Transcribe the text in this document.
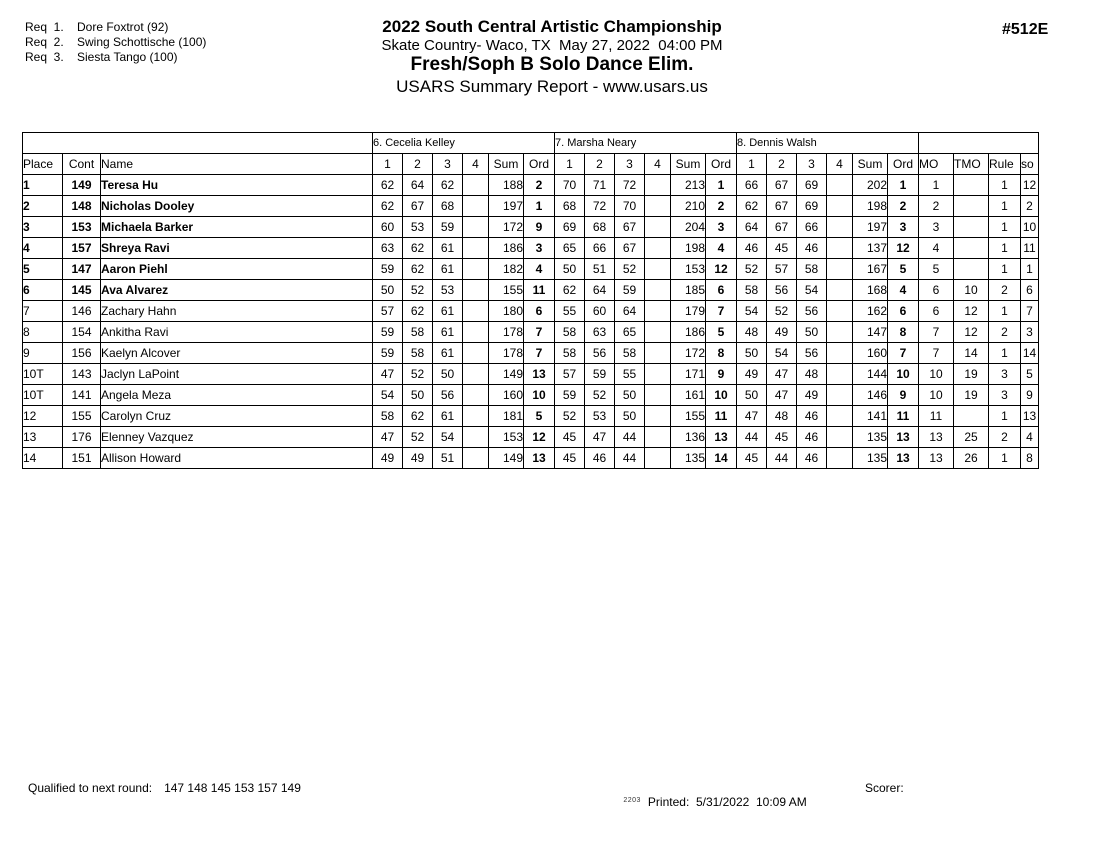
Req  1.	Dore Foxtrot (92)
Req  2.	Swing Schottische (100)
Req  3.	Siesta Tango (100)
2022 South Central Artistic Championship
Skate Country- Waco, TX  May 27, 2022  04:00 PM
Fresh/Soph B Solo Dance Elim.
USARS Summary Report - www.usars.us
#512E
			6. Cecelia Kelley						7. Marsha Neary						8. Dennis Walsh									
Place	Cont	Name	1	2	3	4	Sum	Ord	1	2	3	4	Sum	Ord	1	2	3	4	Sum	Ord	MO	TMO	Rule	so
1	149	Teresa Hu	62	64	62		188	2	70	71	72		213	1	66	67	69		202	1	1		1	12
2	148	Nicholas Dooley	62	67	68		197	1	68	72	70		210	2	62	67	69		198	2	2		1	2
3	153	Michaela Barker	60	53	59		172	9	69	68	67		204	3	64	67	66		197	3	3		1	10
4	157	Shreya Ravi	63	62	61		186	3	65	66	67		198	4	46	45	46		137	12	4		1	11
5	147	Aaron Piehl	59	62	61		182	4	50	51	52		153	12	52	57	58		167	5	5		1	1
6	145	Ava Alvarez	50	52	53		155	11	62	64	59		185	6	58	56	54		168	4	6	10	2	6
7	146	Zachary Hahn	57	62	61		180	6	55	60	64		179	7	54	52	56		162	6	6	12	1	7
8	154	Ankitha Ravi	59	58	61		178	7	58	63	65		186	5	48	49	50		147	8	7	12	2	3
9	156	Kaelyn Alcover	59	58	61		178	7	58	56	58		172	8	50	54	56		160	7	7	14	1	14
10T	143	Jaclyn LaPoint	47	52	50		149	13	57	59	55		171	9	49	47	48		144	10	10	19	3	5
10T	141	Angela Meza	54	50	56		160	10	59	52	50		161	10	50	47	49		146	9	10	19	3	9
12	155	Carolyn Cruz	58	62	61		181	5	52	53	50		155	11	47	48	46		141	11	11		1	13
13	176	Elenney Vazquez	47	52	54		153	12	45	47	44		136	13	44	45	46		135	13	13	25	2	4
14	151	Allison Howard	49	49	51		149	13	45	46	44		135	14	45	44	46		135	13	13	26	1	8
Qualified to next round: 147 148 145 153 157 149

$^{2203}$ Printed:  5/31/2022  10:09 AM

Scorer:
